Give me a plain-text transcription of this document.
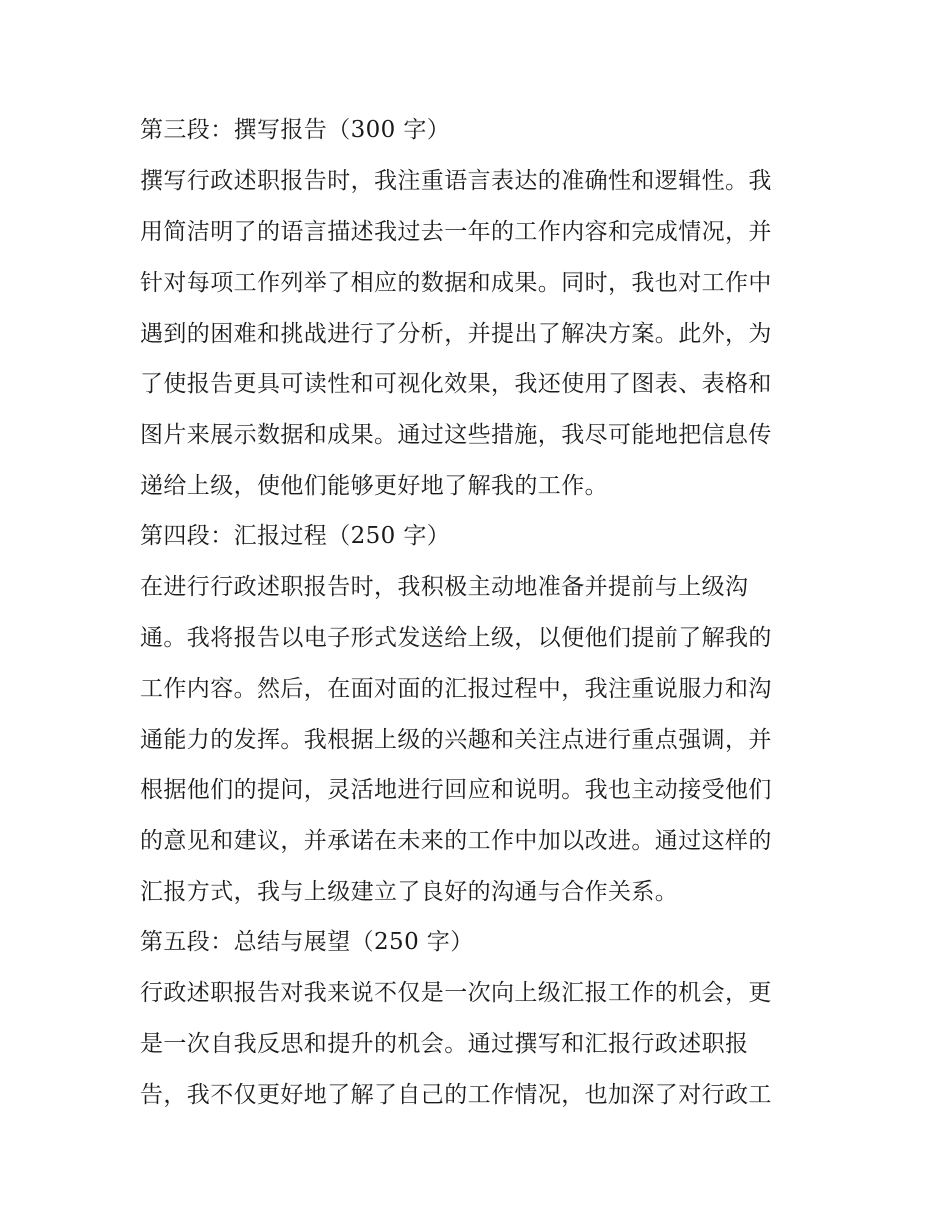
第三段：撰写报告（300 字）
撰写行政述职报告时，我注重语言表达的准确性和逻辑性。我
用简洁明了的语言描述我过去一年的工作内容和完成情况，并
针对每项工作列举了相应的数据和成果。同时，我也对工作中
遇到的困难和挑战进行了分析，并提出了解决方案。此外，为
了使报告更具可读性和可视化效果，我还使用了图表、表格和
图片来展示数据和成果。通过这些措施，我尽可能地把信息传
递给上级，使他们能够更好地了解我的工作。
第四段：汇报过程（250 字）
在进行行政述职报告时，我积极主动地准备并提前与上级沟
通。我将报告以电子形式发送给上级，以便他们提前了解我的
工作内容。然后，在面对面的汇报过程中，我注重说服力和沟
通能力的发挥。我根据上级的兴趣和关注点进行重点强调，并
根据他们的提问，灵活地进行回应和说明。我也主动接受他们
的意见和建议，并承诺在未来的工作中加以改进。通过这样的
汇报方式，我与上级建立了良好的沟通与合作关系。
第五段：总结与展望（250 字）
行政述职报告对我来说不仅是一次向上级汇报工作的机会，更
是一次自我反思和提升的机会。通过撰写和汇报行政述职报
告，我不仅更好地了解了自己的工作情况，也加深了对行政工
